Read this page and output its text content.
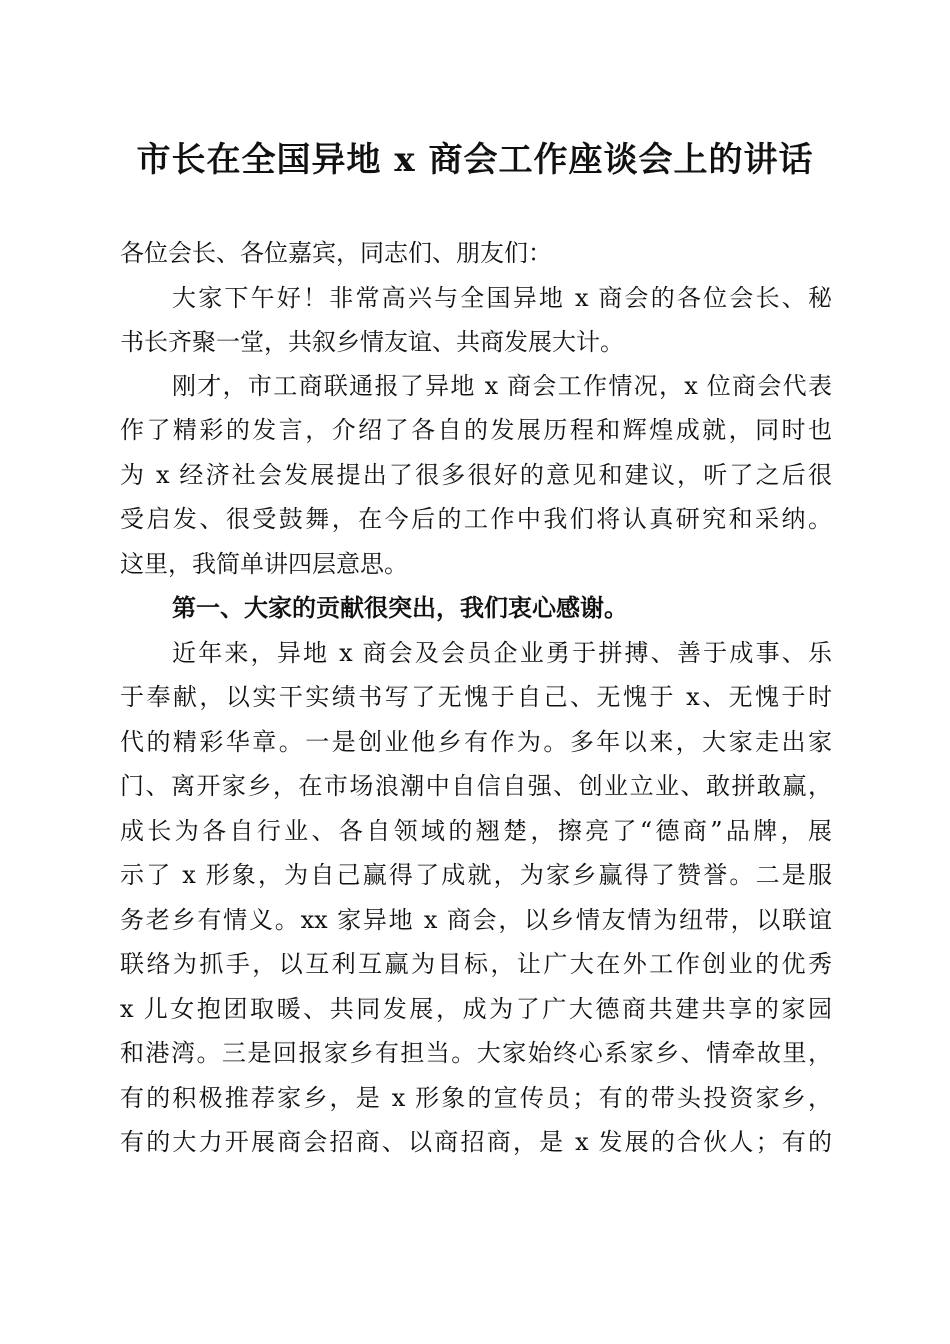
市长在全国异地 x 商会工作座谈会上的讲话
各位会长、各位嘉宾，同志们、朋友们：
大家下午好！非常高兴与全国异地 x 商会的各位会长、秘
书长齐聚一堂，共叙乡情友谊、共商发展大计。
刚才，市工商联通报了异地 x 商会工作情况，x 位商会代表
作了精彩的发言，介绍了各自的发展历程和辉煌成就，同时也
为 x 经济社会发展提出了很多很好的意见和建议，听了之后很
受启发、很受鼓舞，在今后的工作中我们将认真研究和采纳。
这里，我简单讲四层意思。
第一、大家的贡献很突出，我们衷心感谢。
近年来，异地 x 商会及会员企业勇于拼搏、善于成事、乐
于奉献，以实干实绩书写了无愧于自己、无愧于 x、无愧于时
代的精彩华章。一是创业他乡有作为。多年以来，大家走出家
门、离开家乡，在市场浪潮中自信自强、创业立业、敢拼敢赢，
成长为各自行业、各自领域的翘楚，擦亮了“德商”品牌，展
示了 x 形象，为自己赢得了成就，为家乡赢得了赞誉。二是服
务老乡有情义。xx 家异地 x 商会，以乡情友情为纽带，以联谊
联络为抓手，以互利互赢为目标，让广大在外工作创业的优秀
x 儿女抱团取暖、共同发展，成为了广大德商共建共享的家园
和港湾。三是回报家乡有担当。大家始终心系家乡、情牵故里，
有的积极推荐家乡，是 x 形象的宣传员；有的带头投资家乡，
有的大力开展商会招商、以商招商，是 x 发展的合伙人；有的
